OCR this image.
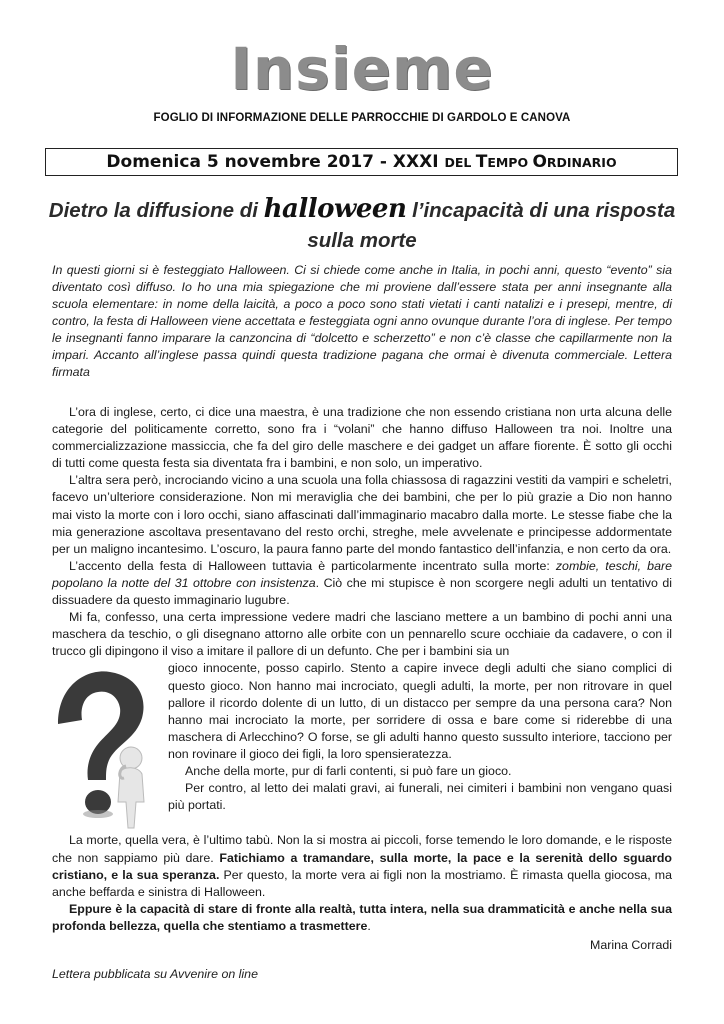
Insieme
FOGLIO DI INFORMAZIONE DELLE PARROCCHIE DI GARDOLO E CANOVA
Domenica 5 novembre 2017 - XXXI DEL TEMPO ORDINARIO
Dietro la diffusione di halloween l’incapacità di una risposta sulla morte
In questi giorni si è festeggiato Halloween. Ci si chiede come anche in Italia, in pochi anni, questo “evento” sia diventato così diffuso. Io ho una mia spiegazione che mi proviene dall’essere stata per anni insegnante alla scuola elementare: in nome della laicità, a poco a poco sono stati vietati i canti natalizi e i presepi, mentre, di contro, la festa di Halloween viene accettata e festeggiata ogni anno ovunque durante l’ora di inglese. Per tempo le insegnanti fanno imparare la canzoncina di “dolcetto e scherzetto” e non c’è classe che capillarmente non la impari. Accanto all’inglese passa quindi questa tradizione pagana che ormai è divenuta commerciale. Lettera firmata

L’ora di inglese, certo, ci dice una maestra, è una tradizione che non essendo cristiana non urta alcuna delle categorie del politicamente corretto, sono fra i “volani” che hanno diffuso Halloween tra noi. Inoltre una commercializzazione massiccia, che fa del giro delle maschere e dei gadget un affare fiorente. È sotto gli occhi di tutti come questa festa sia diventata fra i bambini, e non solo, un imperativo.

L’altra sera però, incrociando vicino a una scuola una folla chiassosa di ragazzini vestiti da vampiri e scheletri, facevo un’ulteriore considerazione. Non mi meraviglia che dei bambini, che per lo più grazie a Dio non hanno mai visto la morte con i loro occhi, siano affascinati dall’immaginario macabro dalla morte. Le stesse fiabe che la mia generazione ascoltava presentavano del resto orchi, streghe, mele avvelenate e principesse addormentate per un maligno incantesimo. L’oscuro, la paura fanno parte del mondo fantastico dell’infanzia, e non certo da ora.

L’accento della festa di Halloween tuttavia è particolarmente incentrato sulla morte: zombie, teschi, bare popolano la notte del 31 ottobre con insistenza. Ciò che mi stupisce è non scorgere negli adulti un tentativo di dissuadere da questo immaginario lugubre.

Mi fa, confesso, una certa impressione vedere madri che lasciano mettere a un bambino di pochi anni una maschera da teschio, o gli disegnano attorno alle orbite con un pennarello scure occhiaie da cadavere, o con il trucco gli dipingono il viso a imitare il pallore di un defunto. Che per i bambini sia un

gioco innocente, posso capirlo. Stento a capire invece degli adulti che siano complici di questo gioco. Non hanno mai incrociato, quegli adulti, la morte, per non ritrovare in quel pallore il ricordo dolente di un lutto, di un distacco per sempre da una persona cara? Non hanno mai incrociato la morte, per sorridere di ossa e bare come si riderebbe di una maschera di Arlecchino? O forse, se gli adulti hanno questo sussulto interiore, tacciono per non rovinare il gioco dei figli, la loro spensieratezza.

Anche della morte, pur di farli contenti, si può fare un gioco.

Per contro, al letto dei malati gravi, ai funerali, nei cimiteri i bambini non vengano quasi più portati.

La morte, quella vera, è l’ultimo tabù. Non la si mostra ai piccoli, forse temendo le loro domande, e le risposte che non sappiamo più dare. Fatichiamo a tramandare, sulla morte, la pace e la serenità dello sguardo cristiano, e la sua speranza. Per questo, la morte vera ai figli non la mostriamo. È rimasta quella giocosa, ma anche beffarda e sinistra di Halloween.

Eppure è la capacità di stare di fronte alla realtà, tutta intera, nella sua drammaticità e anche nella sua profonda bellezza, quella che stentiamo a trasmettere.

Marina Corradi
Lettera pubblicata su Avvenire on line
